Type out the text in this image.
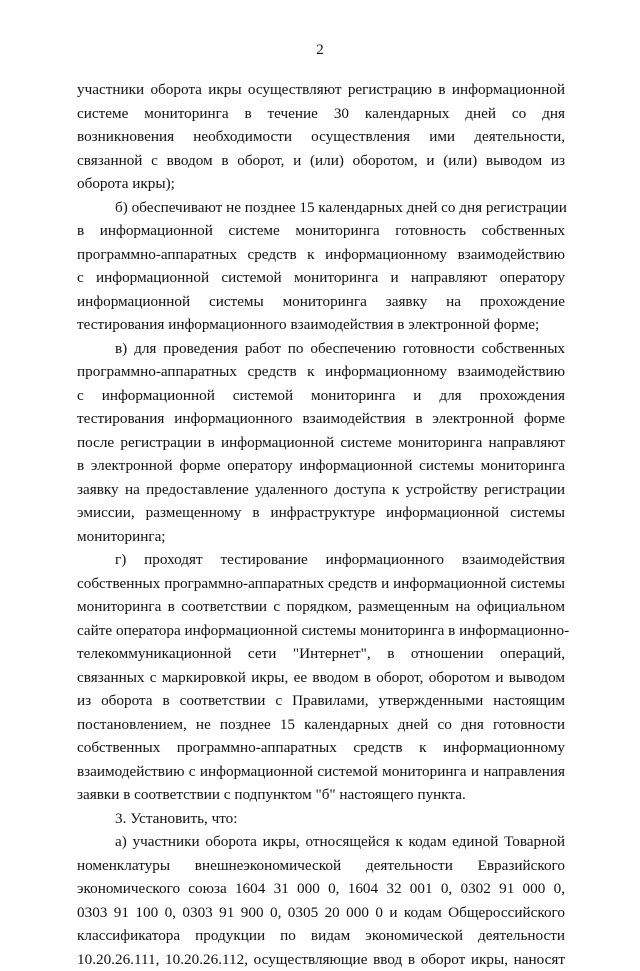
2

участники оборота икры осуществляют регистрацию в информационной
системе мониторинга в течение 30 календарных дней со дня
возникновения необходимости осуществления ими деятельности,
связанной с вводом в оборот, и (или) оборотом, и (или) выводом из
оборота икры);

б) обеспечивают не позднее 15 календарных дней со дня регистрации
в информационной системе мониторинга готовность собственных
программно-аппаратных средств к информационному взаимодействию
с информационной системой мониторинга и направляют оператору
информационной системы мониторинга заявку на прохождение
тестирования информационного взаимодействия в электронной форме;

в) для проведения работ по обеспечению готовности собственных
программно-аппаратных средств к информационному взаимодействию
с информационной системой мониторинга и для прохождения
тестирования информационного взаимодействия в электронной форме
после регистрации в информационной системе мониторинга направляют
в электронной форме оператору информационной системы мониторинга
заявку на предоставление удаленного доступа к устройству регистрации
эмиссии, размещенному в инфраструктуре информационной системы
мониторинга;

г) проходят тестирование информационного взаимодействия
собственных программно-аппаратных средств и информационной системы
мониторинга в соответствии с порядком, размещенным на официальном
сайте оператора информационной системы мониторинга в информационно-
телекоммуникационной сети "Интернет", в отношении операций,
связанных с маркировкой икры, ее вводом в оборот, оборотом и выводом
из оборота в соответствии с Правилами, утвержденными настоящим
постановлением, не позднее 15 календарных дней со дня готовности
собственных программно-аппаратных средств к информационному
взаимодействию с информационной системой мониторинга и направления
заявки в соответствии с подпунктом "б" настоящего пункта.

3. Установить, что:

а) участники оборота икры, относящейся к кодам единой Товарной
номенклатуры внешнеэкономической деятельности Евразийского
экономического союза 1604 31 000 0, 1604 32 001 0, 0302 91 000 0,
0303 91 100 0, 0303 91 900 0, 0305 20 000 0 и кодам Общероссийского
классификатора продукции по видам экономической деятельности
10.20.26.111, 10.20.26.112, осуществляющие ввод в оборот икры, наносят
